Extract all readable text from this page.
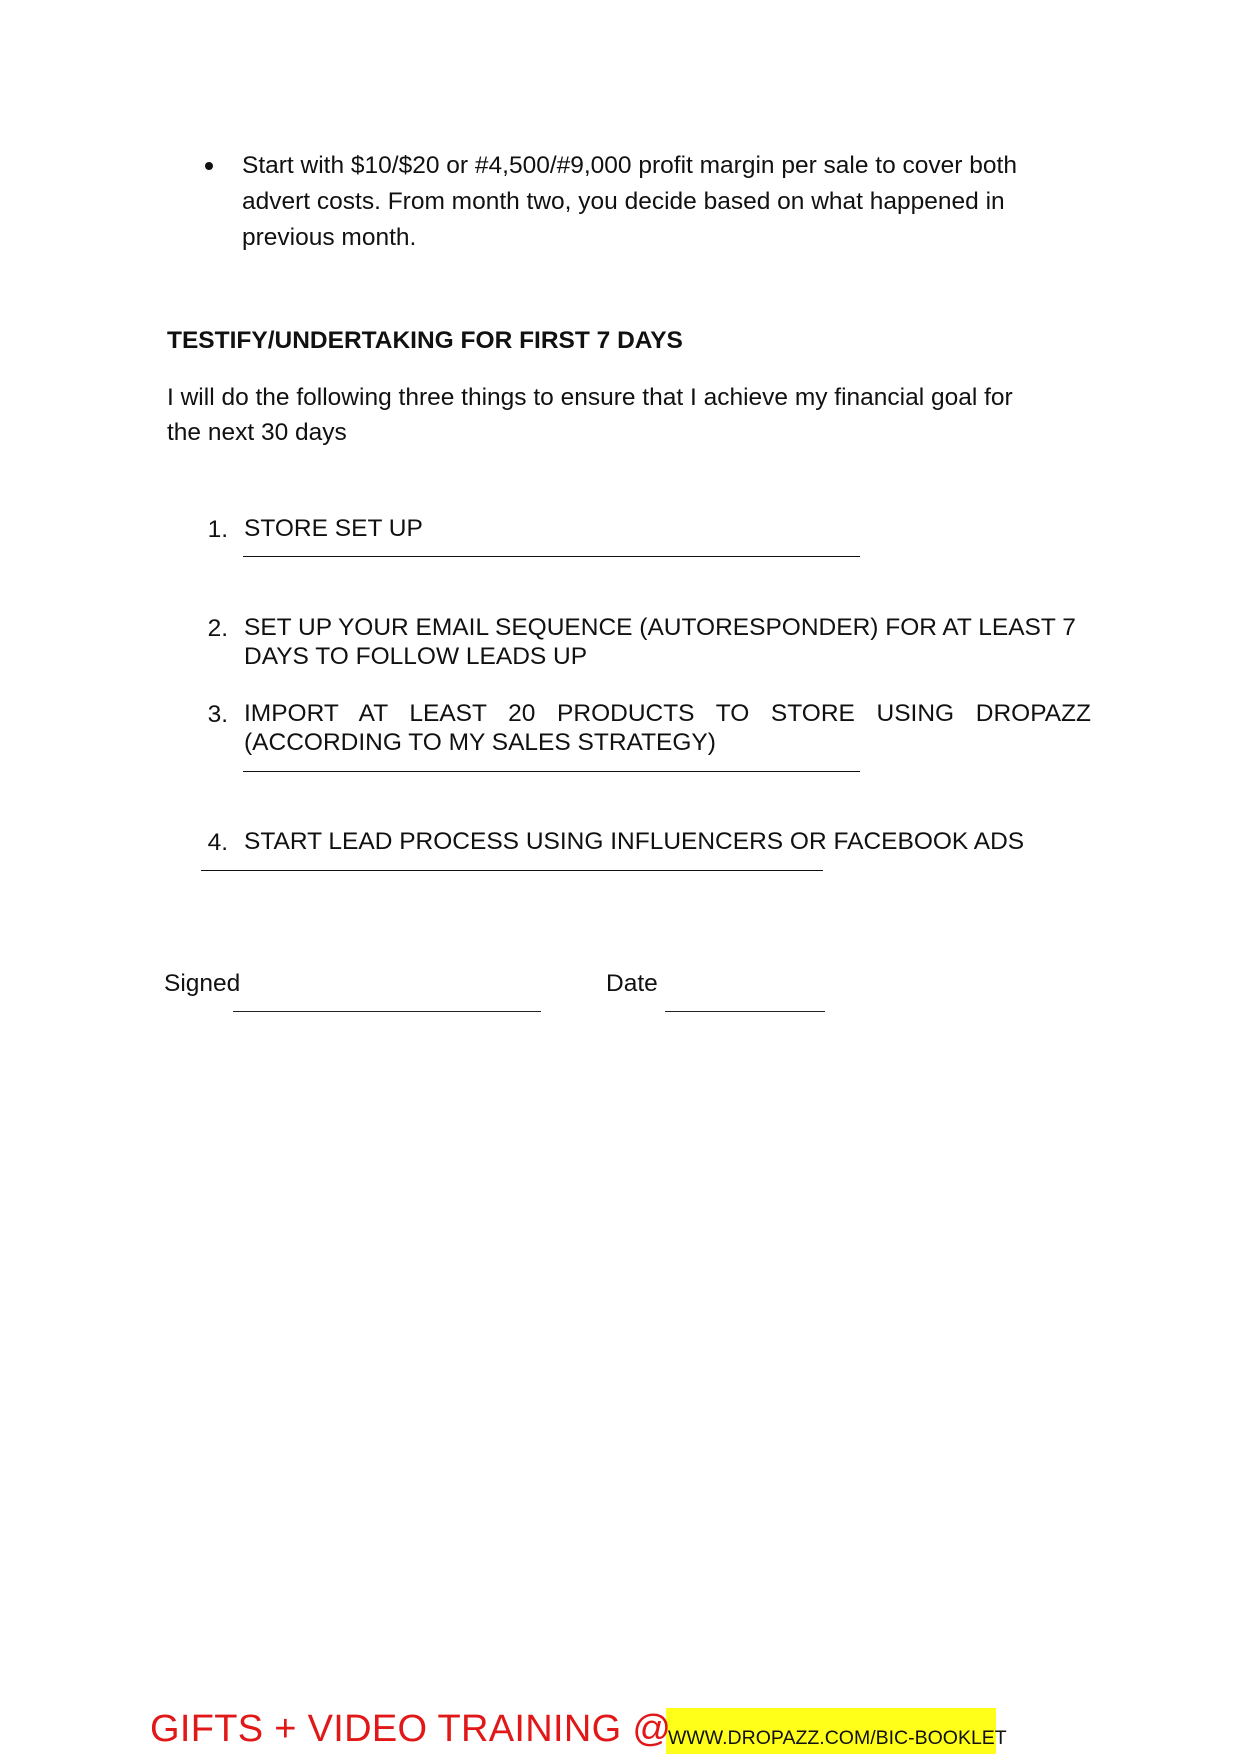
Start with $10/$20 or #4,500/#9,000 profit margin per sale to cover both advert costs. From month two, you decide based on what happened in previous month.
TESTIFY/UNDERTAKING FOR FIRST 7 DAYS
I will do the following three things to ensure that I achieve my financial goal for the next 30 days
1. STORE SET UP
2. SET UP YOUR EMAIL SEQUENCE (AUTORESPONDER) FOR AT LEAST 7 DAYS TO FOLLOW LEADS UP
3. IMPORT AT LEAST 20 PRODUCTS TO STORE USING DROPAZZ (ACCORDING TO MY SALES STRATEGY)
4. START LEAD PROCESS USING INFLUENCERS OR FACEBOOK ADS
Signed	Date
GIFTS + VIDEO TRAINING @
WWW.DROPAZZ.COM/BIC-BOOKLET
